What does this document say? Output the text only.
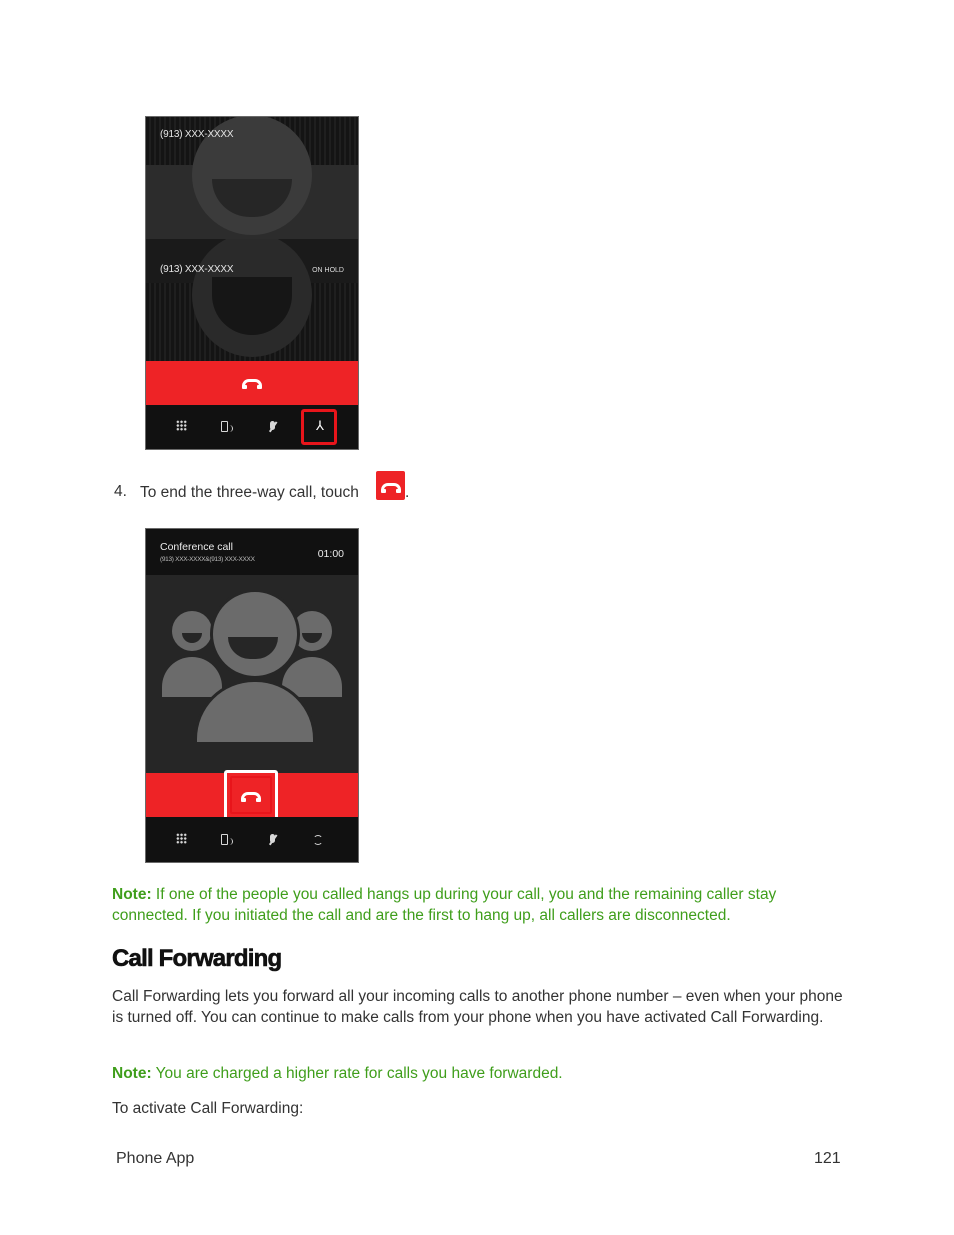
(913) XXX-XXXX
(913) XXX-XXXX	ON HOLD
⅄
4. To end the three-way call, touch	.
Conference call
(913) XXX-XXXX&(913) XXX-XXXX	01:00
Note: If one of the people you called hangs up during your call, you and the remaining caller stay connected. If you initiated the call and are the first to hang up, all callers are disconnected.
Call Forwarding
Call Forwarding lets you forward all your incoming calls to another phone number – even when your phone is turned off. You can continue to make calls from your phone when you have activated Call Forwarding.
Note: You are charged a higher rate for calls you have forwarded.
To activate Call Forwarding:
Phone App	121
